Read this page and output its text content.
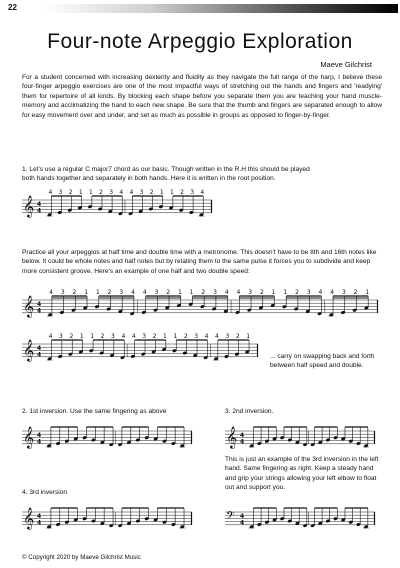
22
Four-note Arpeggio Exploration
Maeve Gilchrist
For a student concerned with increasing dexterity and fluidity as they navigate the full range of the harp, I believe these four-finger arpeggio exercises are one of the most impactful ways of stretching out the hands and fingers and 'readying' them for repertoire of all kinds. By blocking each shape before you separate them you are teaching your hand muscle-memory and acclimatizing the hand to each new shape. Be sure that the thumb and fingers are separated enough to allow for easy movement over and under, and set as much as possible in groups as opposed to finger-by-finger.
1. Let's use a regular C major7 chord as our basic. Though written in the R.H this should be played both hands together and separately in both hands. Here it is written in the root position.
𝄞 4
4
4 3 2 1 1 2 3 4 4 3 2 1 1 2 3 4
Practice all your arpeggios at half time and double time with a metronome. This doesn't have to be 8th and 16th notes like below. It could be whole notes and half notes but by relating them to the same pulse it forces you to subdivide and keep more consistent groove. Here's an example of one half and two double speed:
𝄞 4
4
4 3 2 1 1 2 3 4 4 3 2 1 1 2 3 4 4 3 2 1 1 2 3 4 4 3 2 1
𝄞 4
4
4 3 2 1 1 2 3 4 4 3 2 1 1 2 3 4 4 3 2 1
... carry on swapping back and forth between half speed and double.
2. 1st inversion. Use the same fingering as above
𝄞 4
4
3. 2nd inversion.
𝄞 4
4
This is just an example of the 3rd inversion in the left hand. Same fingering as right. Keep a steady hand and grip your strings allowing your left elbow to float out and support you.
𝄢 4
4
4. 3rd inversion
𝄞 4
4
© Copyright 2020 by Maeve Gilchrist Music
